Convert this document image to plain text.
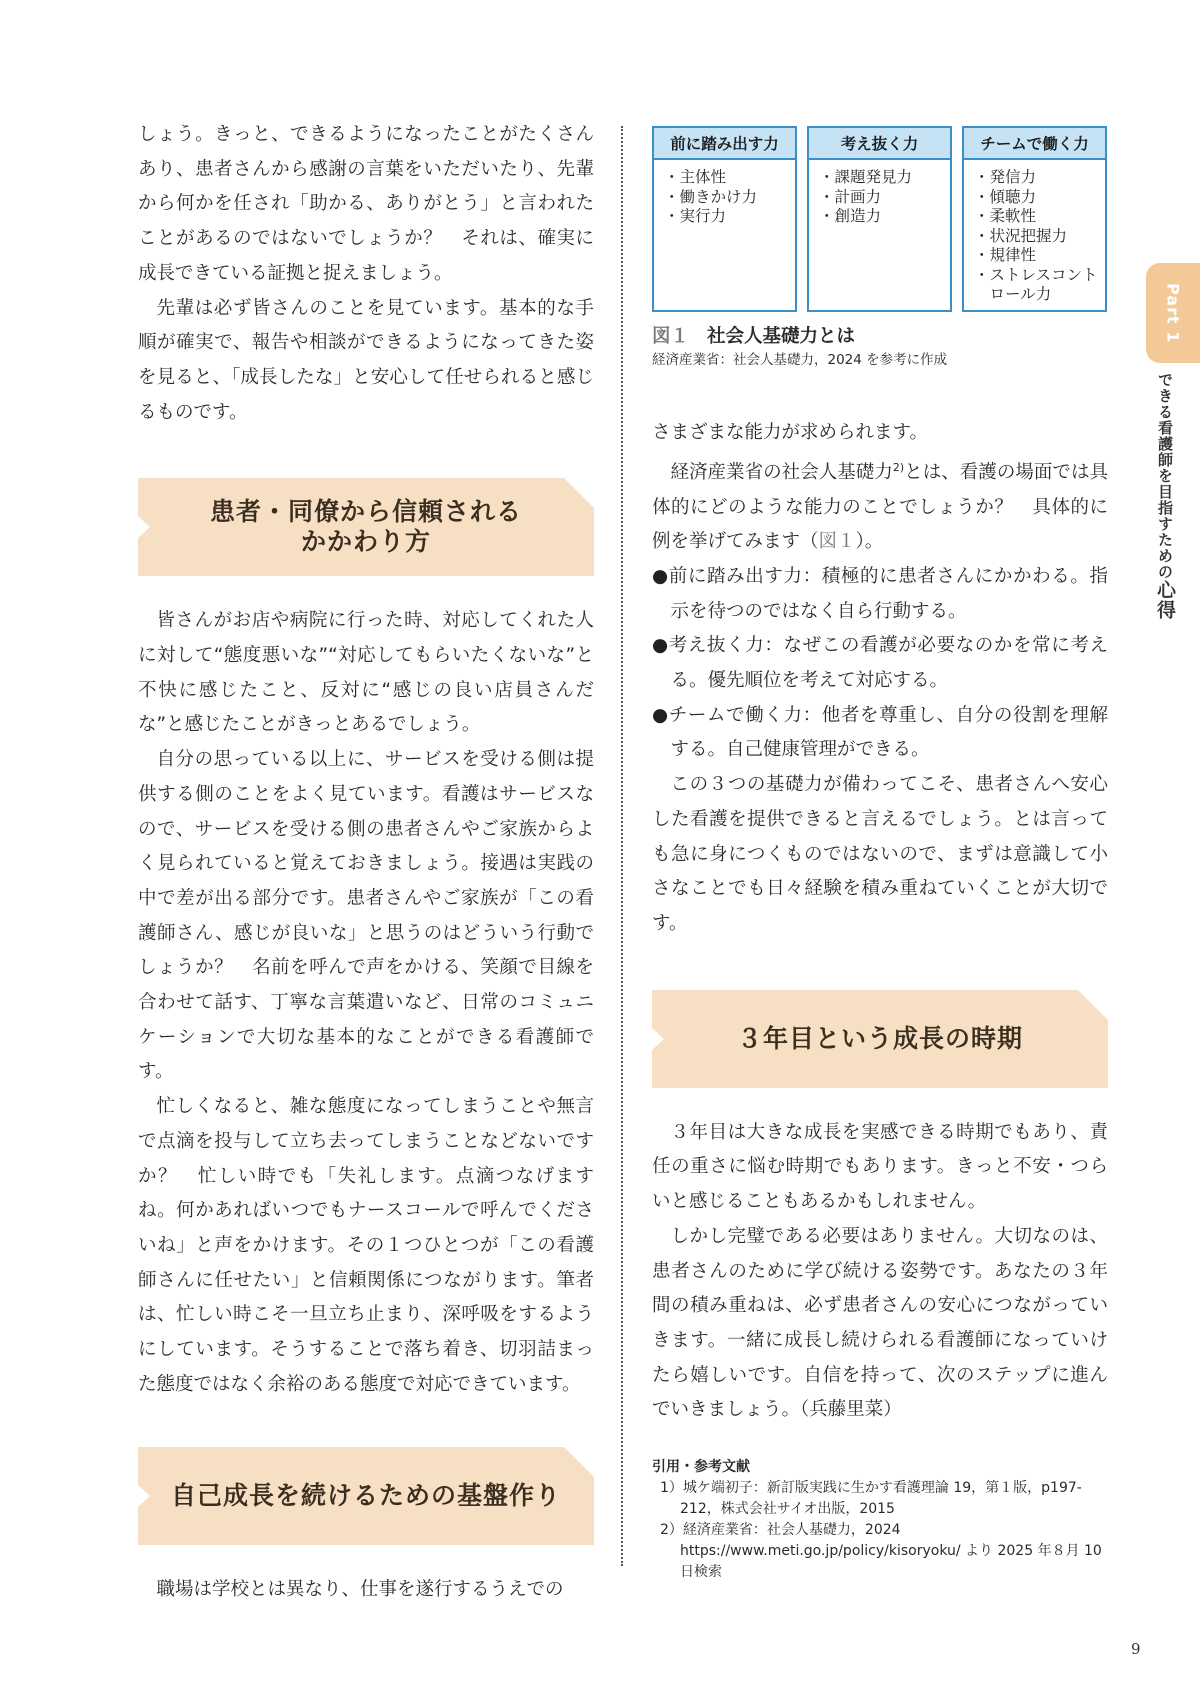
しょう。きっと、できるようになったことがたくさんあり、患者さんから感謝の言葉をいただいたり、先輩から何かを任され「助かる、ありがとう」と言われたことがあるのではないでしょうか？　それは、確実に成長できている証拠と捉えましょう。

先輩は必ず皆さんのことを見ています。基本的な手順が確実で、報告や相談ができるようになってきた姿を見ると、「成長したな」と安心して任せられると感じるものです。

患者・同僚から信頼される
かかわり方

皆さんがお店や病院に行った時、対応してくれた人に対して“態度悪いな”“対応してもらいたくないな”と不快に感じたこと、反対に“感じの良い店員さんだな”と感じたことがきっとあるでしょう。

自分の思っている以上に、サービスを受ける側は提供する側のことをよく見ています。看護はサービスなので、サービスを受ける側の患者さんやご家族からよく見られていると覚えておきましょう。接遇は実践の中で差が出る部分です。患者さんやご家族が「この看護師さん、感じが良いな」と思うのはどういう行動でしょうか？　名前を呼んで声をかける、笑顔で目線を合わせて話す、丁寧な言葉遣いなど、日常のコミュニケーションで大切な基本的なことができる看護師です。

忙しくなると、雑な態度になってしまうことや無言で点滴を投与して立ち去ってしまうことなどないですか？　忙しい時でも「失礼します。点滴つなげますね。何かあればいつでもナースコールで呼んでくださいね」と声をかけます。その１つひとつが「この看護師さんに任せたい」と信頼関係につながります。筆者は、忙しい時こそ一旦立ち止まり、深呼吸をするようにしています。そうすることで落ち着き、切羽詰まった態度ではなく余裕のある態度で対応できています。

自己成長を続けるための基盤作り

職場は学校とは異なり、仕事を遂行するうえでの

前に踏み出す力
・主体性
・働きかけ力
・実行力
考え抜く力
・課題発見力
・計画力
・創造力
チームで働く力
・発信力
・傾聴力
・柔軟性
・状況把握力
・規律性
・ストレスコントロール力
図１ 社会人基礎力とは
経済産業省：社会人基礎力，2024 を参考に作成

さまざまな能力が求められます。

経済産業省の社会人基礎力$^{2)}$とは、看護の場面では具体的にどのような能力のことでしょうか？　具体的に例を挙げてみます（図１）。

●前に踏み出す力：積極的に患者さんにかかわる。指示を待つのではなく自ら行動する。

●考え抜く力：なぜこの看護が必要なのかを常に考える。優先順位を考えて対応する。

●チームで働く力：他者を尊重し、自分の役割を理解する。自己健康管理ができる。

この３つの基礎力が備わってこそ、患者さんへ安心した看護を提供できると言えるでしょう。とは言っても急に身につくものではないので、まずは意識して小さなことでも日々経験を積み重ねていくことが大切です。

３年目という成長の時期

３年目は大きな成長を実感できる時期でもあり、責任の重さに悩む時期でもあります。きっと不安・つらいと感じることもあるかもしれません。

しかし完璧である必要はありません。大切なのは、患者さんのために学び続ける姿勢です。あなたの３年間の積み重ねは、必ず患者さんの安心につながっていきます。一緒に成長し続けられる看護師になっていけたら嬉しいです。自信を持って、次のステップに進んでいきましょう。（兵藤里菜）

引用・参考文献
1）城ケ端初子：新訂版実践に生かす看護理論 19，第１版，p197-212，株式会社サイオ出版，2015
2）経済産業省：社会人基礎力，2024 https://www.meti.go.jp/policy/kisoryoku/ より 2025 年８月 10 日検索
Part 1
できる看護師を目指すための心得
9
